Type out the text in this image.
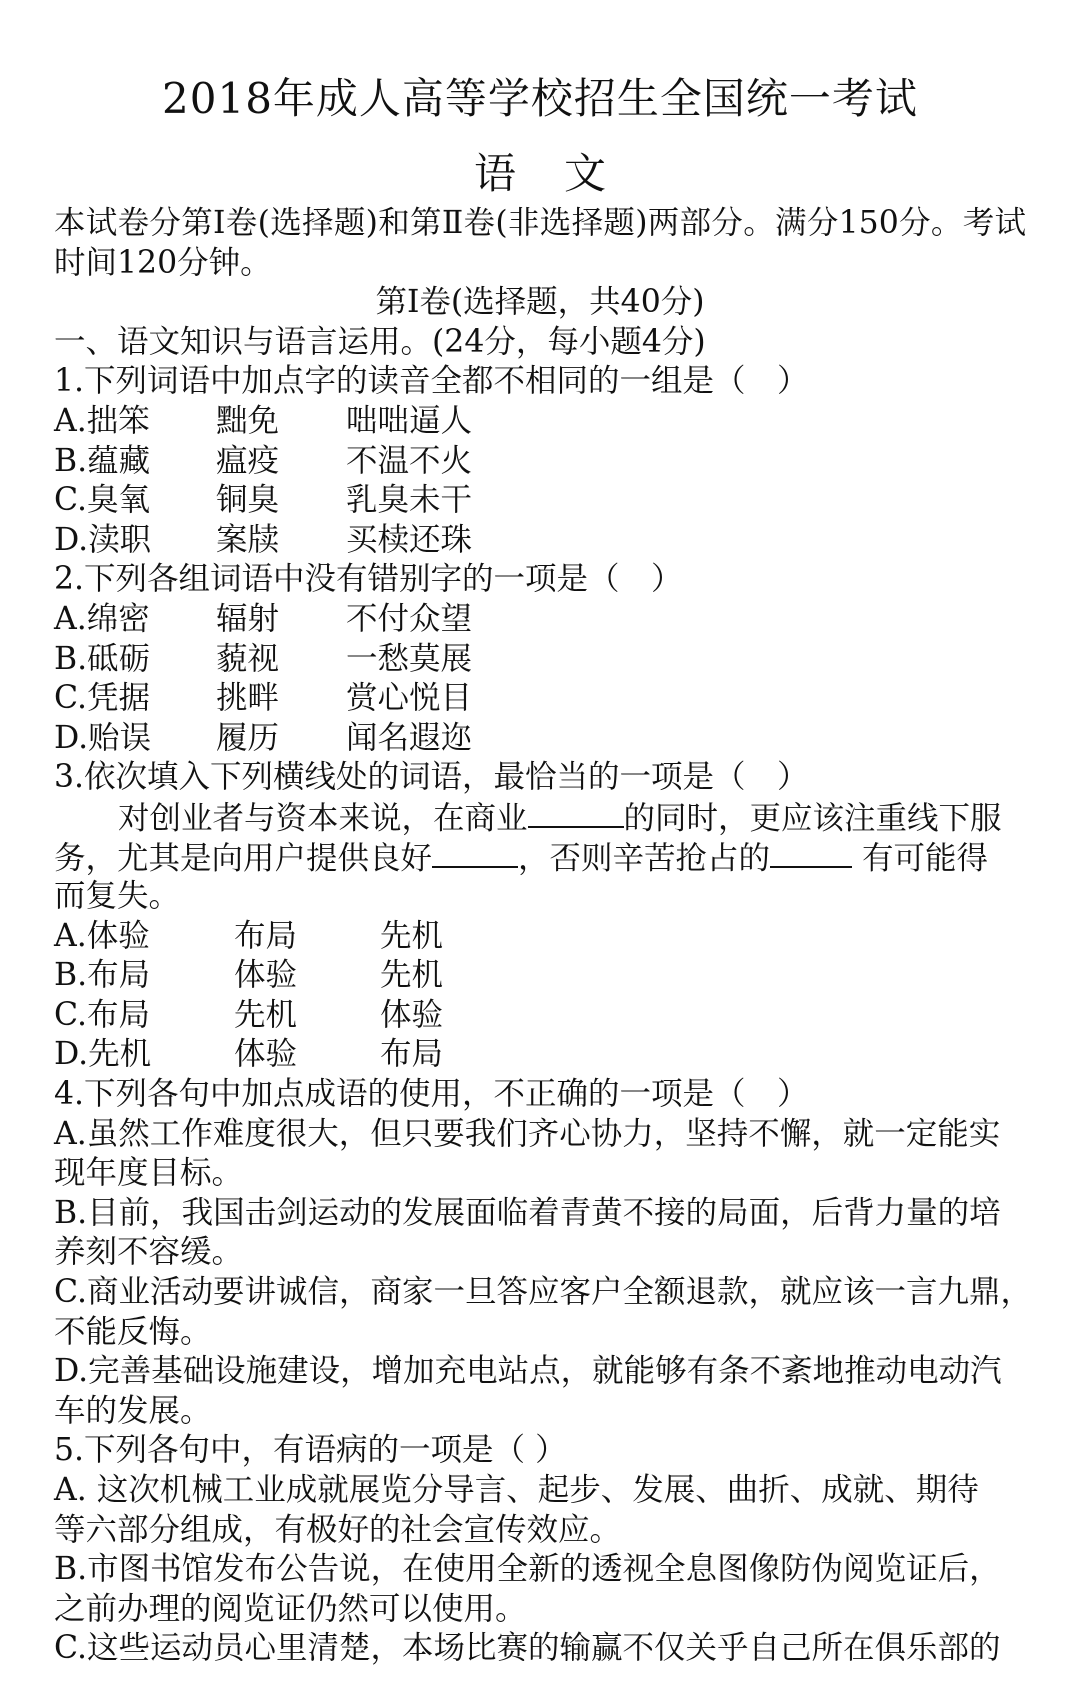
2018年成人高等学校招生全国统一考试
语文
本试卷分第Ⅰ卷(选择题)和第Ⅱ卷(非选择题)两部分。满分150分。考试时间120分钟。
第Ⅰ卷(选择题，共40分)
一、语文知识与语言运用。(24分，每小题4分)
1.下列词语中加点字的读音全都不相同的一组是（　）
A.拙笨	黜免	咄咄逼人
B.蕴藏	瘟疫	不温不火
C.臭氧	铜臭	乳臭未干
D.渎职	案牍	买椟还珠
2.下列各组词语中没有错别字的一项是（　）
A.绵密	辐射	不付众望
B.砥砺	藐视	一愁莫展
C.凭据	挑畔	赏心悦目
D.贻误	履历	闻名遐迩
3.依次填入下列横线处的词语，最恰当的一项是（　）
对创业者与资本来说，在商业	的同时，更应该注重线下服
务，尤其是向用户提供良好	，否则辛苦抢占的	有可能得
而复失。
A.体验	布局	先机
B.布局	体验	先机
C.布局	先机	体验
D.先机	体验	布局
4.下列各句中加点成语的使用，不正确的一项是（　）
A.虽然工作难度很大，但只要我们齐心协力，坚持不懈，就一定能实
现年度目标。
B.目前，我国击剑运动的发展面临着青黄不接的局面，后背力量的培
养刻不容缓。
C.商业活动要讲诚信，商家一旦答应客户全额退款，就应该一言九鼎，
不能反悔。
D.完善基础设施建设，增加充电站点，就能够有条不紊地推动电动汽
车的发展。
5.下列各句中，有语病的一项是（ ）
A. 这次机械工业成就展览分导言、起步、发展、曲折、成就、期待
等六部分组成，有极好的社会宣传效应。
B.市图书馆发布公告说，在使用全新的透视全息图像防伪阅览证后，
之前办理的阅览证仍然可以使用。
C.这些运动员心里清楚，本场比赛的输赢不仅关乎自己所在俱乐部的
